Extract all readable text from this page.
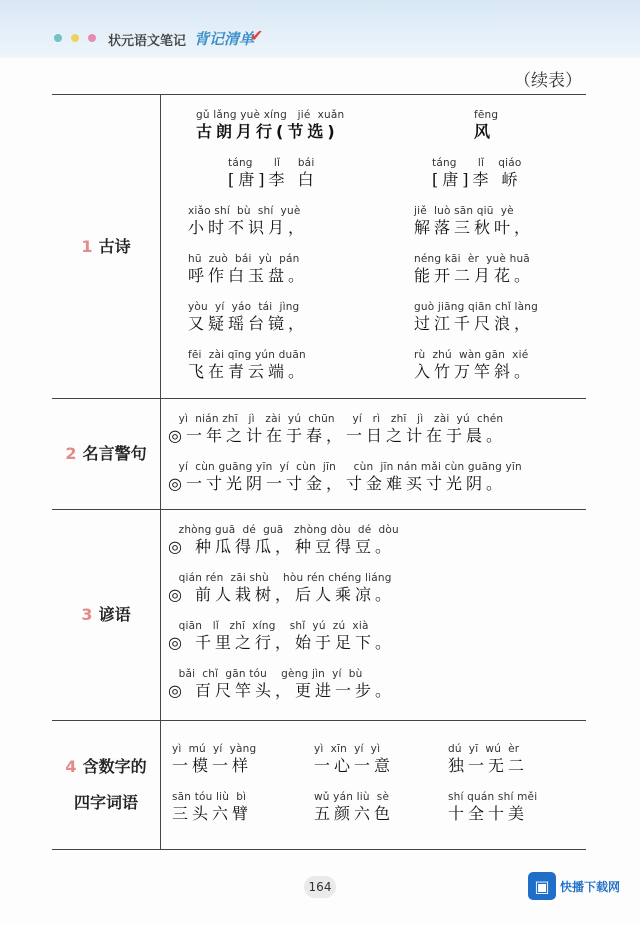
状元语文笔记 背记清单
✔
（续表）
1 古诗
gǔ lǎng yuè xíng   jié  xuǎn
古朗月行(节选)
fēng
风
táng      lǐ     bái
[唐]李 白
táng      lǐ    qiáo
[唐]李 峤
xiǎo shí  bù  shí  yuè
小时不识月，
jiě  luò sān qiū  yè
解落三秋叶，
hū  zuò  bái  yù  pán
呼作白玉盘。
néng kāi  èr  yuè huā
能开二月花。
yòu  yí  yáo  tái  jìng
又疑瑶台镜，
guò jiāng qiān chǐ làng
过江千尺浪，
fēi  zài qīng yún duān
飞在青云端。
rù  zhú  wàn gān  xié
入竹万竿斜。
2 名言警句
yì  nián zhī   jì   zài  yú  chūn     yí   rì   zhī   jì   zài  yú  chén
◎一年之计在于春，一日之计在于晨。
yí  cùn guāng yīn  yí  cùn  jīn     cùn  jīn nán mǎi cùn guāng yīn
◎一寸光阴一寸金，寸金难买寸光阴。
3 谚语
zhòng guā  dé  guā   zhòng dòu  dé  dòu
◎ 种瓜得瓜，种豆得豆。
qián rén  zāi shù    hòu rén chéng liáng
◎ 前人栽树，后人乘凉。
qiān   lǐ   zhī  xíng    shǐ  yú  zú  xià
◎ 千里之行，始于足下。
bǎi  chǐ  gān tóu    gèng jìn  yí  bù
◎ 百尺竿头，更进一步。
4 含数字的
四字词语
yì  mú  yí  yàng
一模一样
yì  xīn  yí  yì
一心一意
dú  yī  wú  èr
独一无二
sān tóu liù  bì
三头六臂
wǔ yán liù  sè
五颜六色
shí quán shí měi
十全十美
164	▣ 快播下载网
